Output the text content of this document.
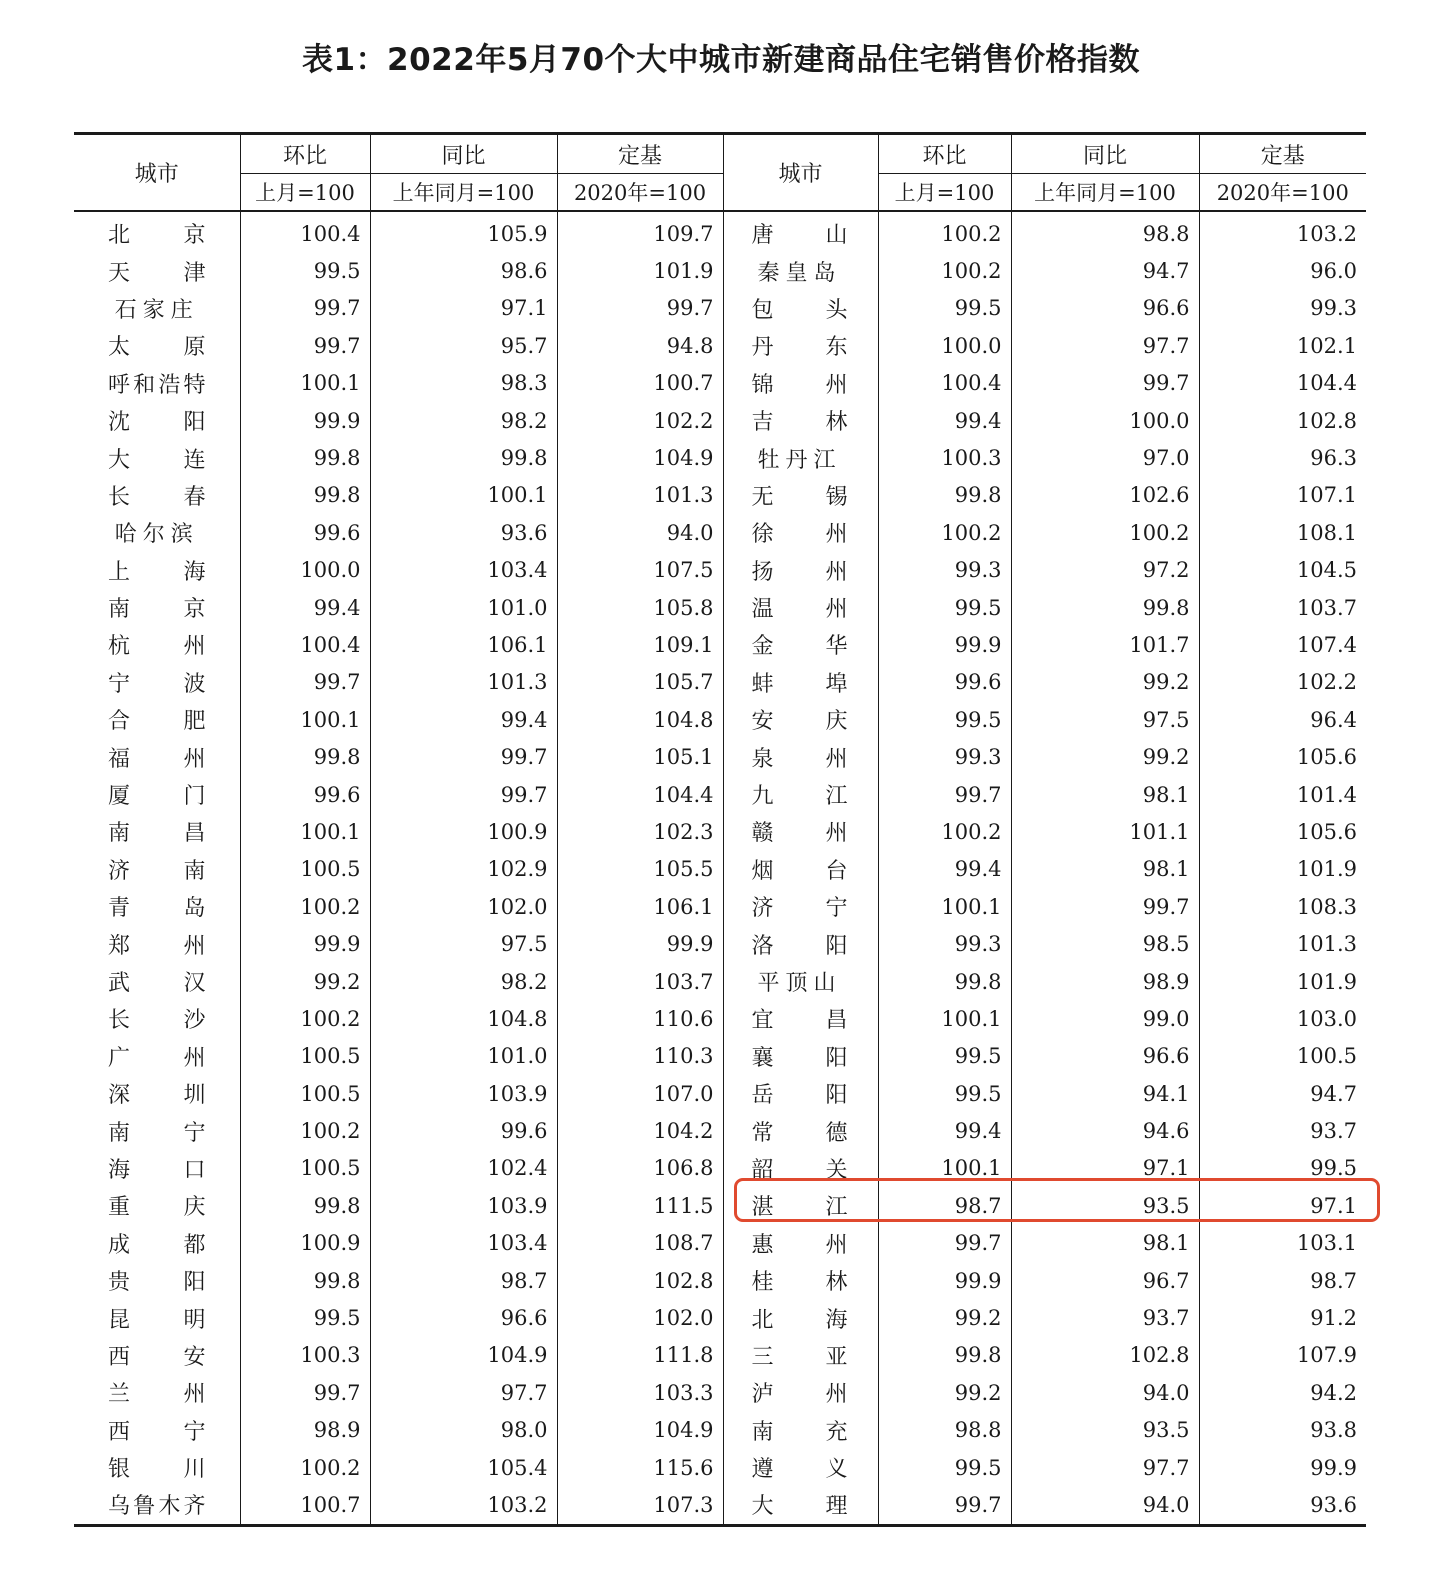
表1：2022年5月70个大中城市新建商品住宅销售价格指数
城市	环比	同比	定基	城市	环比	同比	定基
	上月=100	上年同月=100	2020年=100		上月=100	上年同月=100	2020年=100

北 京	100.4	105.9	109.7	唐 山	100.2	98.8	103.2

天 津	99.5	98.6	101.9	秦皇岛	100.2	94.7	96.0

石家庄	99.7	97.1	99.7	包 头	99.5	96.6	99.3

太 原	99.7	95.7	94.8	丹 东	100.0	97.7	102.1

呼 和 浩 特	100.1	98.3	100.7	锦 州	100.4	99.7	104.4

沈 阳	99.9	98.2	102.2	吉 林	99.4	100.0	102.8

大 连	99.8	99.8	104.9	牡丹江	100.3	97.0	96.3

长 春	99.8	100.1	101.3	无 锡	99.8	102.6	107.1

哈尔滨	99.6	93.6	94.0	徐 州	100.2	100.2	108.1

上 海	100.0	103.4	107.5	扬 州	99.3	97.2	104.5

南 京	99.4	101.0	105.8	温 州	99.5	99.8	103.7

杭 州	100.4	106.1	109.1	金 华	99.9	101.7	107.4

宁 波	99.7	101.3	105.7	蚌 埠	99.6	99.2	102.2

合 肥	100.1	99.4	104.8	安 庆	99.5	97.5	96.4

福 州	99.8	99.7	105.1	泉 州	99.3	99.2	105.6

厦 门	99.6	99.7	104.4	九 江	99.7	98.1	101.4

南 昌	100.1	100.9	102.3	赣 州	100.2	101.1	105.6

济 南	100.5	102.9	105.5	烟 台	99.4	98.1	101.9

青 岛	100.2	102.0	106.1	济 宁	100.1	99.7	108.3

郑 州	99.9	97.5	99.9	洛 阳	99.3	98.5	101.3

武 汉	99.2	98.2	103.7	平顶山	99.8	98.9	101.9

长 沙	100.2	104.8	110.6	宜 昌	100.1	99.0	103.0

广 州	100.5	101.0	110.3	襄 阳	99.5	96.6	100.5

深 圳	100.5	103.9	107.0	岳 阳	99.5	94.1	94.7

南 宁	100.2	99.6	104.2	常 德	99.4	94.6	93.7

海 口	100.5	102.4	106.8	韶 关	100.1	97.1	99.5

重 庆	99.8	103.9	111.5	湛 江	98.7	93.5	97.1

成 都	100.9	103.4	108.7	惠 州	99.7	98.1	103.1

贵 阳	99.8	98.7	102.8	桂 林	99.9	96.7	98.7

昆 明	99.5	96.6	102.0	北 海	99.2	93.7	91.2

西 安	100.3	104.9	111.8	三 亚	99.8	102.8	107.9

兰 州	99.7	97.7	103.3	泸 州	99.2	94.0	94.2

西 宁	98.9	98.0	104.9	南 充	98.8	93.5	93.8

银 川	100.2	105.4	115.6	遵 义	99.5	97.7	99.9

乌 鲁 木 齐	100.7	103.2	107.3	大 理	99.7	94.0	93.6
